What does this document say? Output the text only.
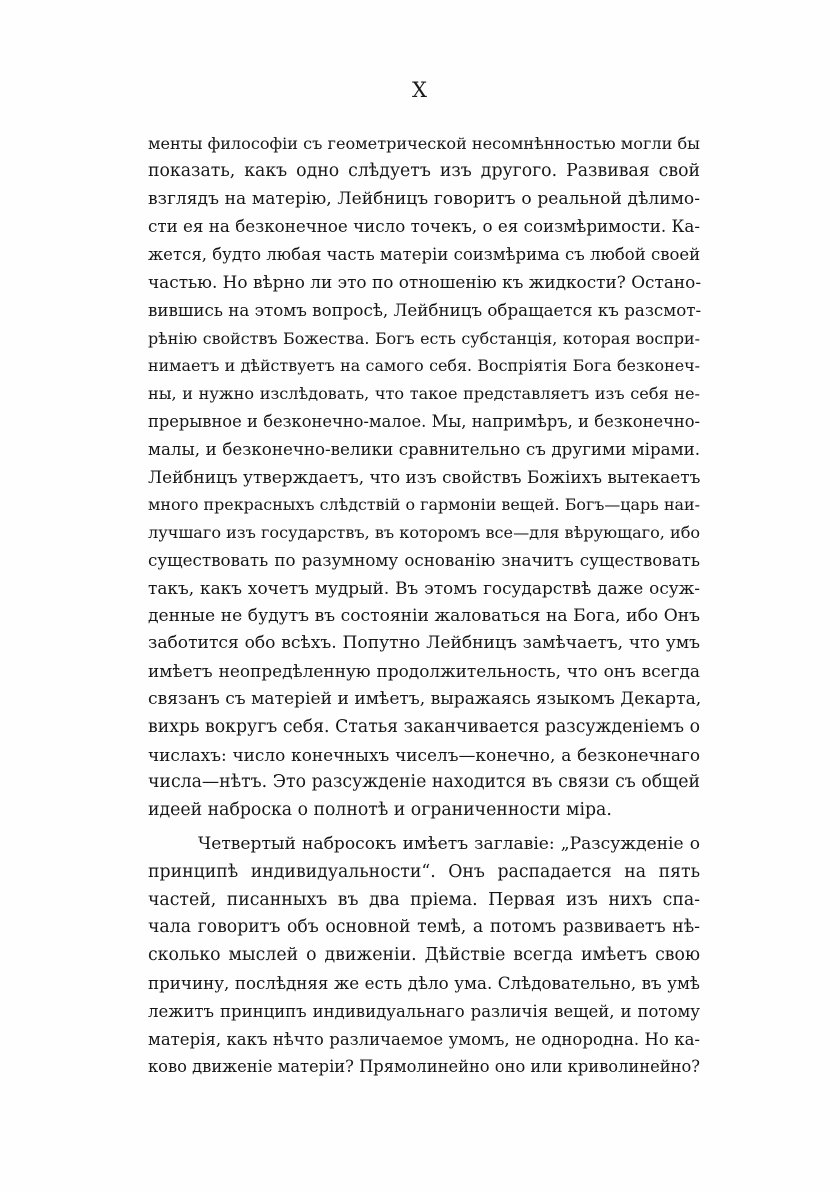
X
менты философіи съ геометрической несомнѣнностью могли бы
показать, какъ одно слѣдуетъ изъ другого. Развивая свой
взглядъ на матерію, Лейбницъ говоритъ о реальной дѣлимо-
сти ея на безконечное число точекъ, о ея соизмѣримости. Ка-
жется, будто любая часть матеріи соизмѣрима съ любой своей
частью. Но вѣрно ли это по отношенію къ жидкости? Остано-
вившись на этомъ вопросѣ, Лейбницъ обращается къ разсмот-
рѣнію свойствъ Божества. Богъ есть субстанція, которая воспри-
нимаетъ и дѣйствуетъ на самого себя. Воспріятія Бога безконеч-
ны, и нужно изслѣдовать, что такое представляетъ изъ себя не-
прерывное и безконечно-малое. Мы, напримѣръ, и безконечно-
малы, и безконечно-велики сравнительно съ другими мірами.
Лейбницъ утверждаетъ, что изъ свойствъ Божіихъ вытекаетъ
много прекрасныхъ слѣдствій о гармоніи вещей. Богъ—царь наи-
лучшаго изъ государствъ, въ которомъ все—для вѣрующаго, ибо
существовать по разумному основанію значитъ существовать
такъ, какъ хочетъ мудрый. Въ этомъ государствѣ даже осуж-
денные не будутъ въ состояніи жаловаться на Бога, ибо Онъ
заботится обо всѣхъ. Попутно Лейбницъ замѣчаетъ, что умъ
имѣетъ неопредѣленную продолжительность, что онъ всегда
связанъ съ матеріей и имѣетъ, выражаясь языкомъ Декарта,
вихрь вокругъ себя. Статья заканчивается разсужденіемъ о
числахъ: число конечныхъ чиселъ—конечно, а безконечнаго
числа—нѣтъ. Это разсужденіе находится въ связи съ общей
идеей наброска о полнотѣ и ограниченности міра.
Четвертый набросокъ имѣетъ заглавіе: „Разсужденіе о
принципѣ индивидуальности“. Онъ распадается на пять
частей, писанныхъ въ два пріема. Первая изъ нихъ спа-
чала говоритъ объ основной темѣ, а потомъ развиваетъ нѣ-
сколько мыслей о движеніи. Дѣйствіе всегда имѣетъ свою
причину, послѣдняя же есть дѣло ума. Слѣдовательно, въ умѣ
лежитъ принципъ индивидуальнаго различія вещей, и потому
матерія, какъ нѣчто различаемое умомъ, не однородна. Но ка-
ково движеніе матеріи? Прямолинейно оно или криволинейно?
